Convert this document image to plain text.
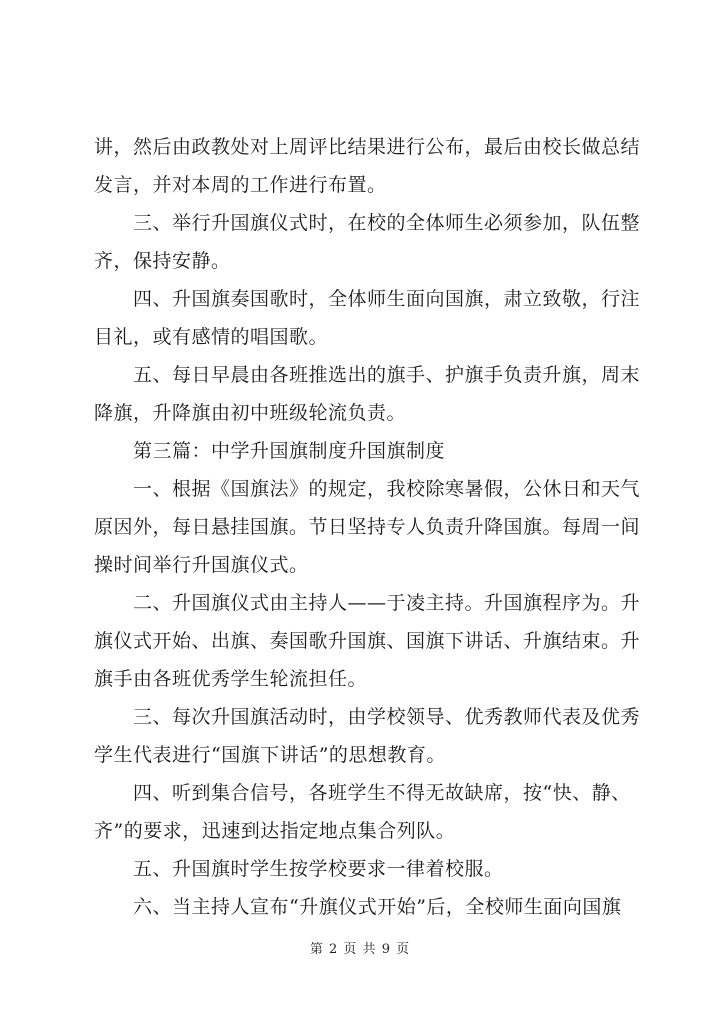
讲，然后由政教处对上周评比结果进行公布，最后由校长做总结
发言，并对本周的工作进行布置。
　　三、举行升国旗仪式时，在校的全体师生必须参加，队伍整
齐，保持安静。
　　四、升国旗奏国歌时，全体师生面向国旗，肃立致敬，行注
目礼，或有感情的唱国歌。
　　五、每日早晨由各班推选出的旗手、护旗手负责升旗，周末
降旗，升降旗由初中班级轮流负责。
　　第三篇：中学升国旗制度升国旗制度
　　一、根据《国旗法》的规定，我校除寒暑假，公休日和天气
原因外，每日悬挂国旗。节日坚持专人负责升降国旗。每周一间
操时间举行升国旗仪式。
　　二、升国旗仪式由主持人——于凌主持。升国旗程序为。升
旗仪式开始、出旗、奏国歌升国旗、国旗下讲话、升旗结束。升
旗手由各班优秀学生轮流担任。
　　三、每次升国旗活动时，由学校领导、优秀教师代表及优秀
学生代表进行“国旗下讲话”的思想教育。
　　四、听到集合信号，各班学生不得无故缺席，按“快、静、
齐”的要求，迅速到达指定地点集合列队。
　　五、升国旗时学生按学校要求一律着校服。
　　六、当主持人宣布“升旗仪式开始”后，全校师生面向国旗
第 2 页 共 9 页
